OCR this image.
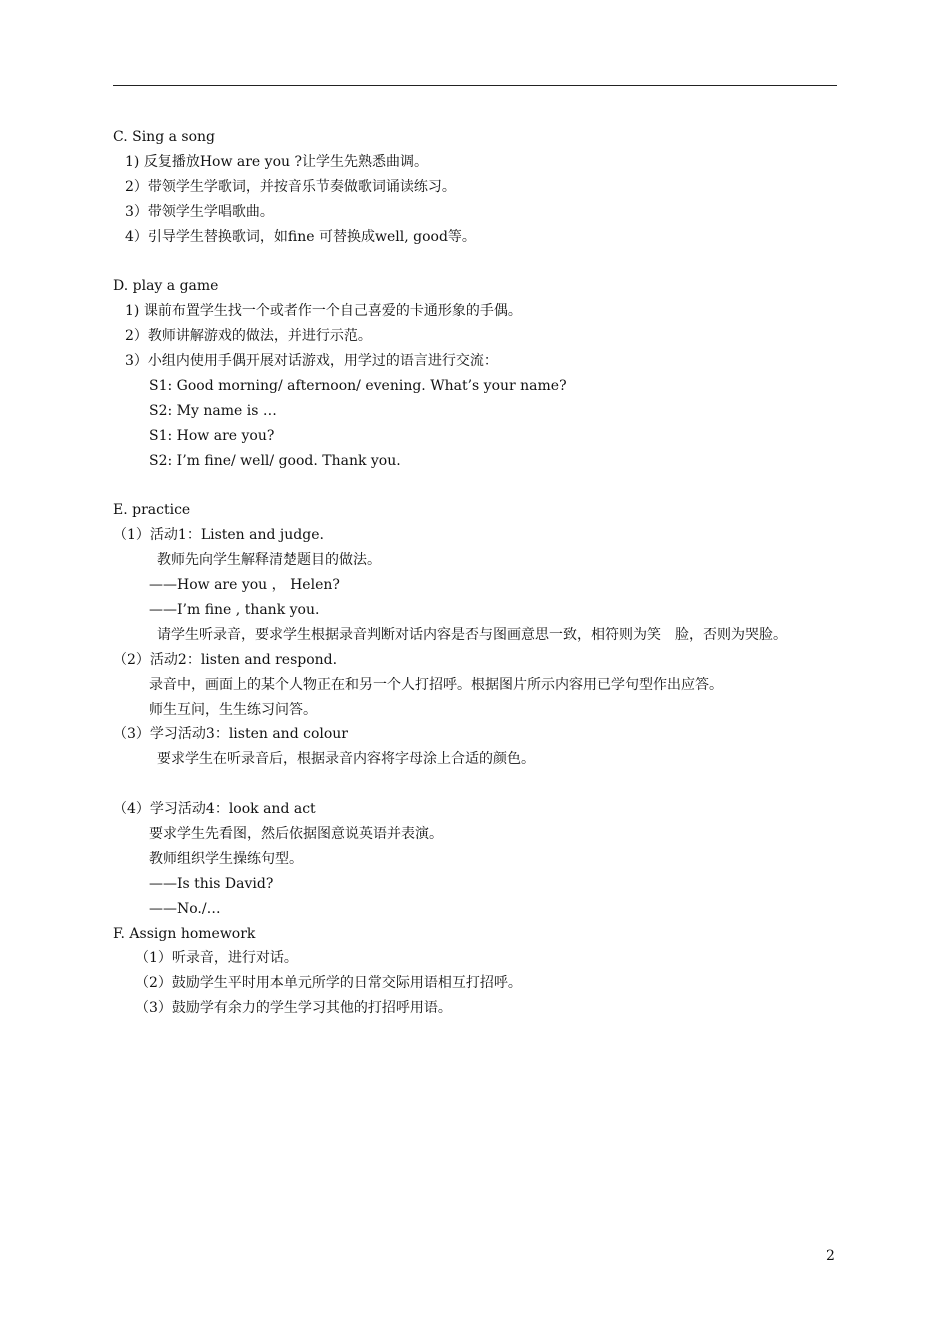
C. Sing a song
1) 反复播放How are you ?让学生先熟悉曲调。
2）带领学生学歌词，并按音乐节奏做歌词诵读练习。
3）带领学生学唱歌曲。
4）引导学生替换歌词，如fine 可替换成well, good等。
D. play a game
1) 课前布置学生找一个或者作一个自己喜爱的卡通形象的手偶。
2）教师讲解游戏的做法，并进行示范。
3）小组内使用手偶开展对话游戏，用学过的语言进行交流：
S1: Good morning/ afternoon/ evening. What’s your name?
S2: My name is …
S1: How are you?
S2: I’m fine/ well/ good. Thank you.
E. practice
（1）活动1：Listen and judge.
教师先向学生解释清楚题目的做法。
——How are you ， Helen?
——I’m fine , thank you.
请学生听录音，要求学生根据录音判断对话内容是否与图画意思一致，相符则为笑　脸，否则为哭脸。
（2）活动2：listen and respond.
录音中，画面上的某个人物正在和另一个人打招呼。根据图片所示内容用已学句型作出应答。
师生互问，生生练习问答。
（3）学习活动3：listen and colour
要求学生在听录音后，根据录音内容将字母涂上合适的颜色。
（4）学习活动4：look and act
要求学生先看图，然后依据图意说英语并表演。
教师组织学生操练句型。
——Is this David?
——No./…
F. Assign homework
（1）听录音，进行对话。
（2）鼓励学生平时用本单元所学的日常交际用语相互打招呼。
（3）鼓励学有余力的学生学习其他的打招呼用语。
2
